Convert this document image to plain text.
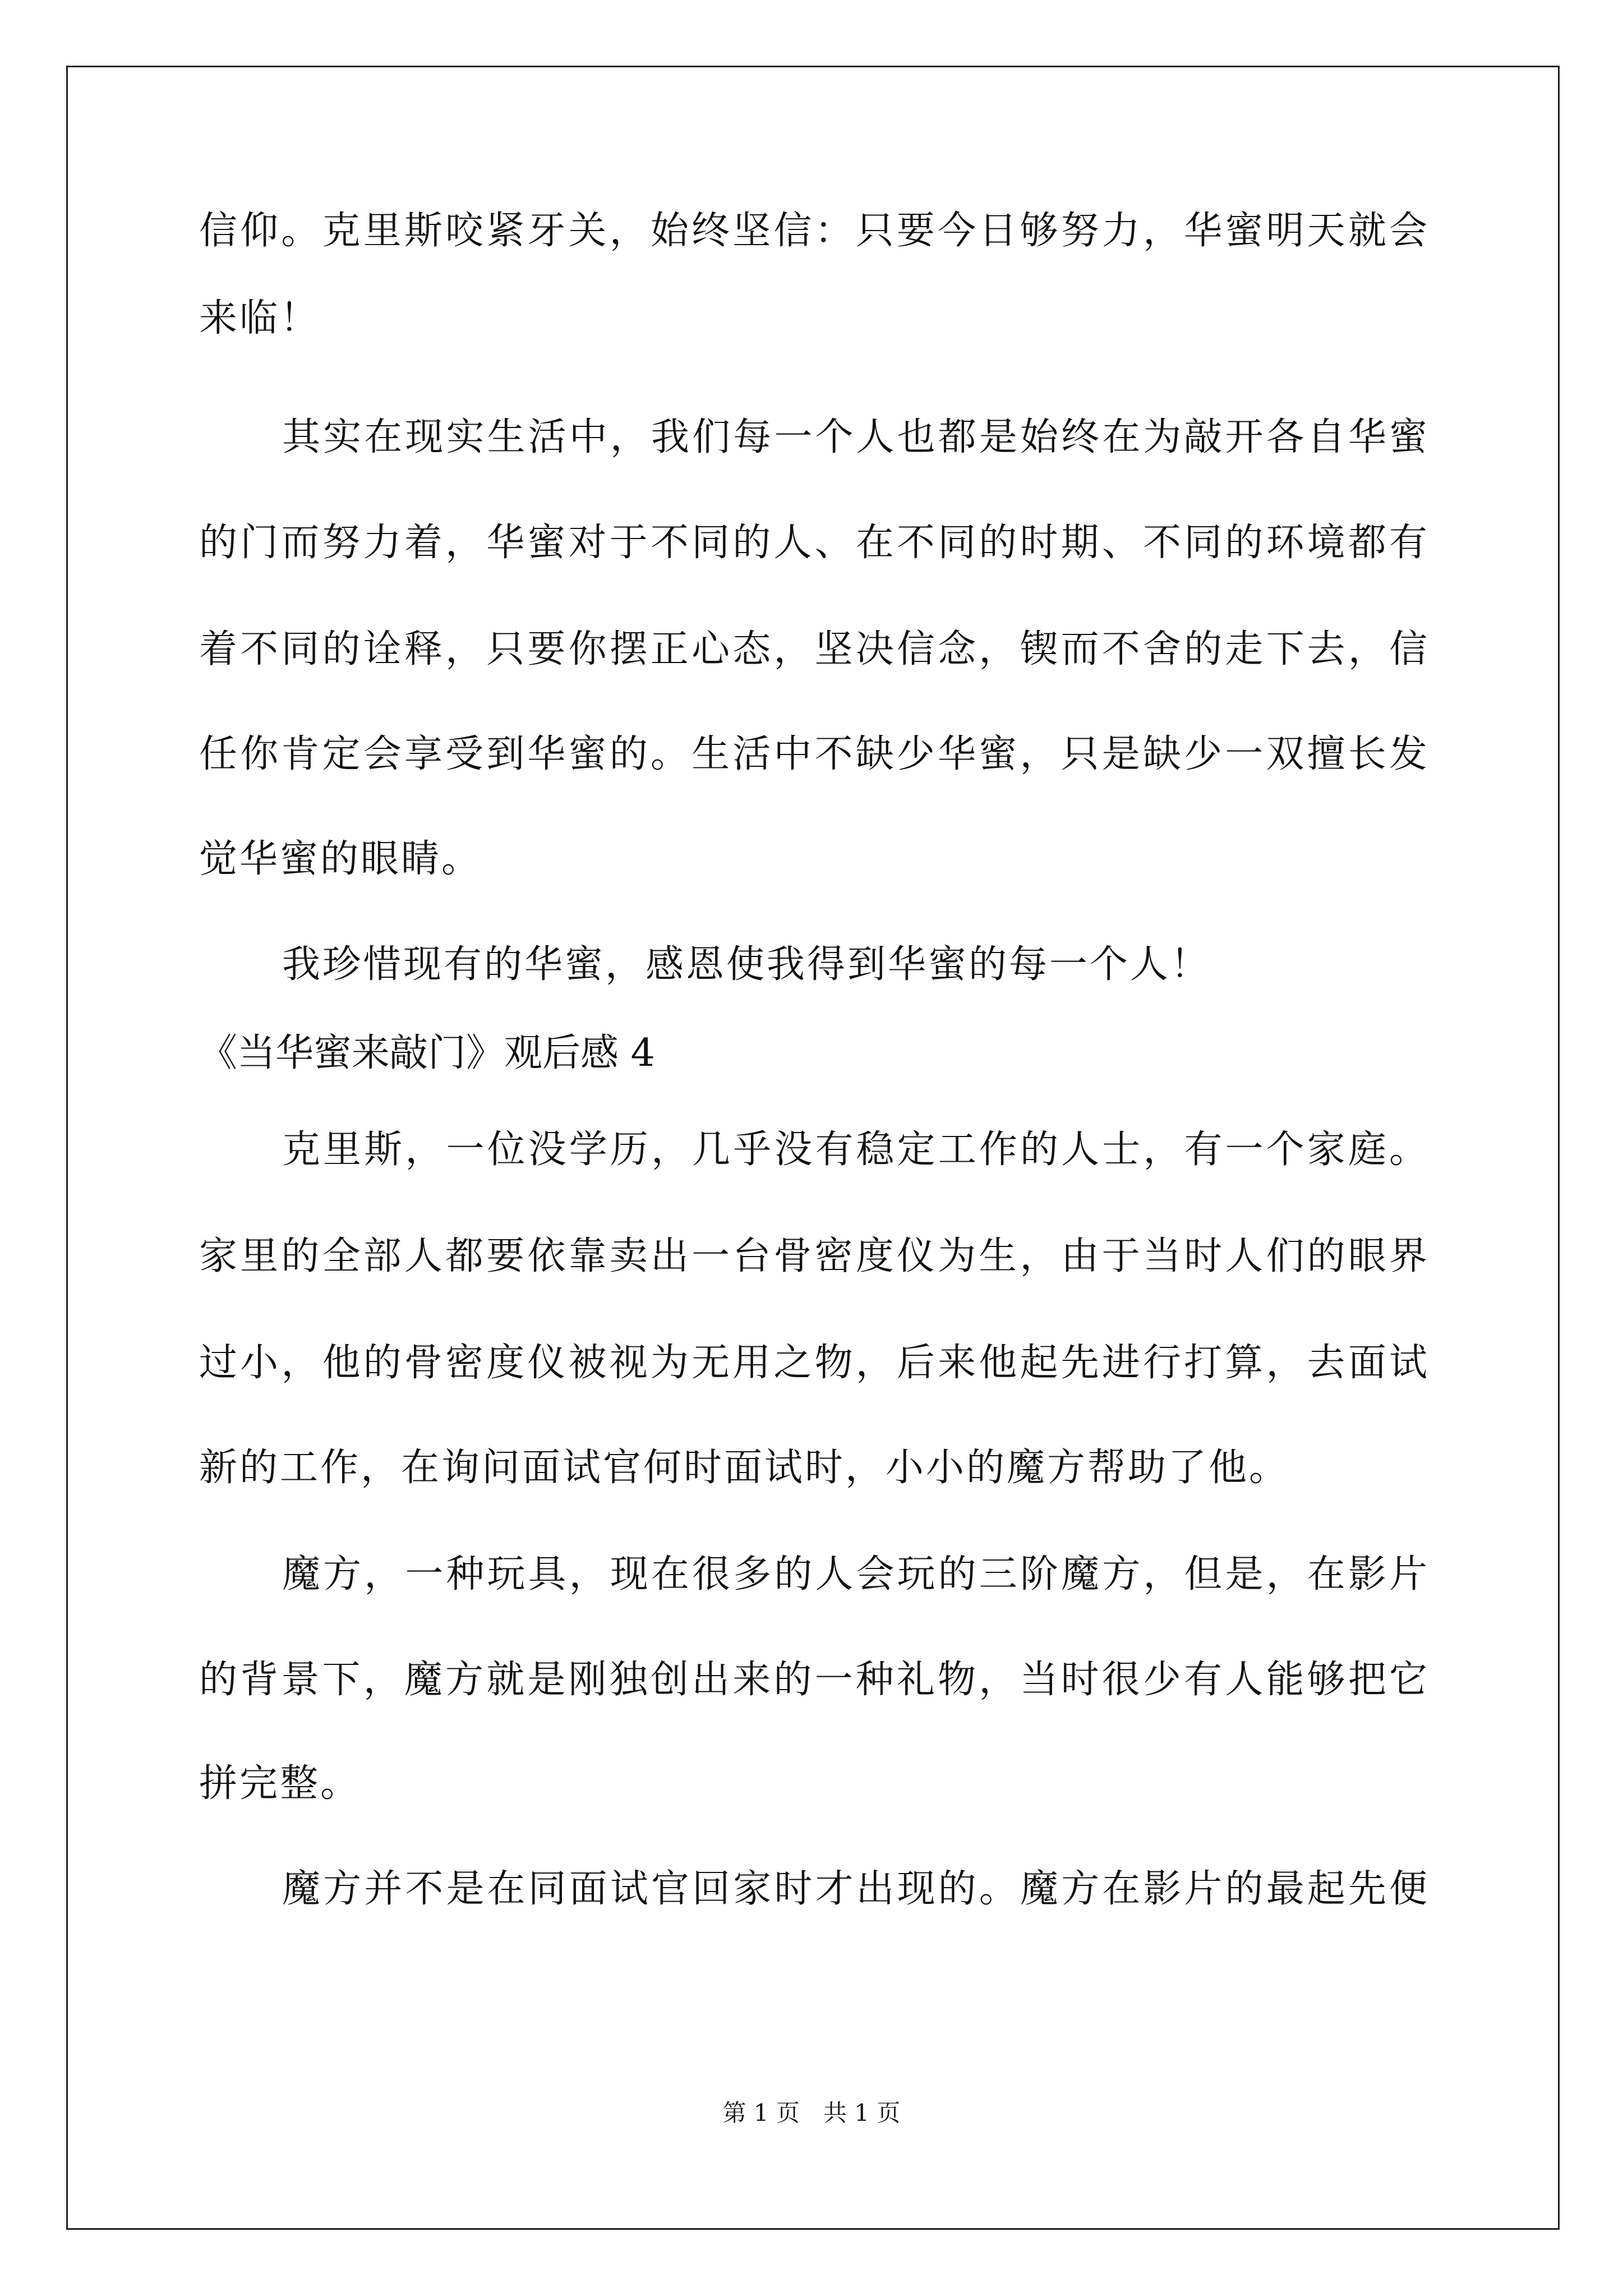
信仰。克里斯咬紧牙关，始终坚信：只要今日够努力，华蜜明天就会
来临！
其实在现实生活中，我们每一个人也都是始终在为敲开各自华蜜
的门而努力着，华蜜对于不同的人、在不同的时期、不同的环境都有
着不同的诠释，只要你摆正心态，坚决信念，锲而不舍的走下去，信
任你肯定会享受到华蜜的。生活中不缺少华蜜，只是缺少一双擅长发
觉华蜜的眼睛。
我珍惜现有的华蜜，感恩使我得到华蜜的每一个人！
《当华蜜来敲门》观后感 4
克里斯，一位没学历，几乎没有稳定工作的人士，有一个家庭。
家里的全部人都要依靠卖出一台骨密度仪为生，由于当时人们的眼界
过小，他的骨密度仪被视为无用之物，后来他起先进行打算，去面试
新的工作，在询问面试官何时面试时，小小的魔方帮助了他。
魔方，一种玩具，现在很多的人会玩的三阶魔方，但是，在影片
的背景下，魔方就是刚独创出来的一种礼物，当时很少有人能够把它
拼完整。
魔方并不是在同面试官回家时才出现的。魔方在影片的最起先便
第 1 页　共 1 页
